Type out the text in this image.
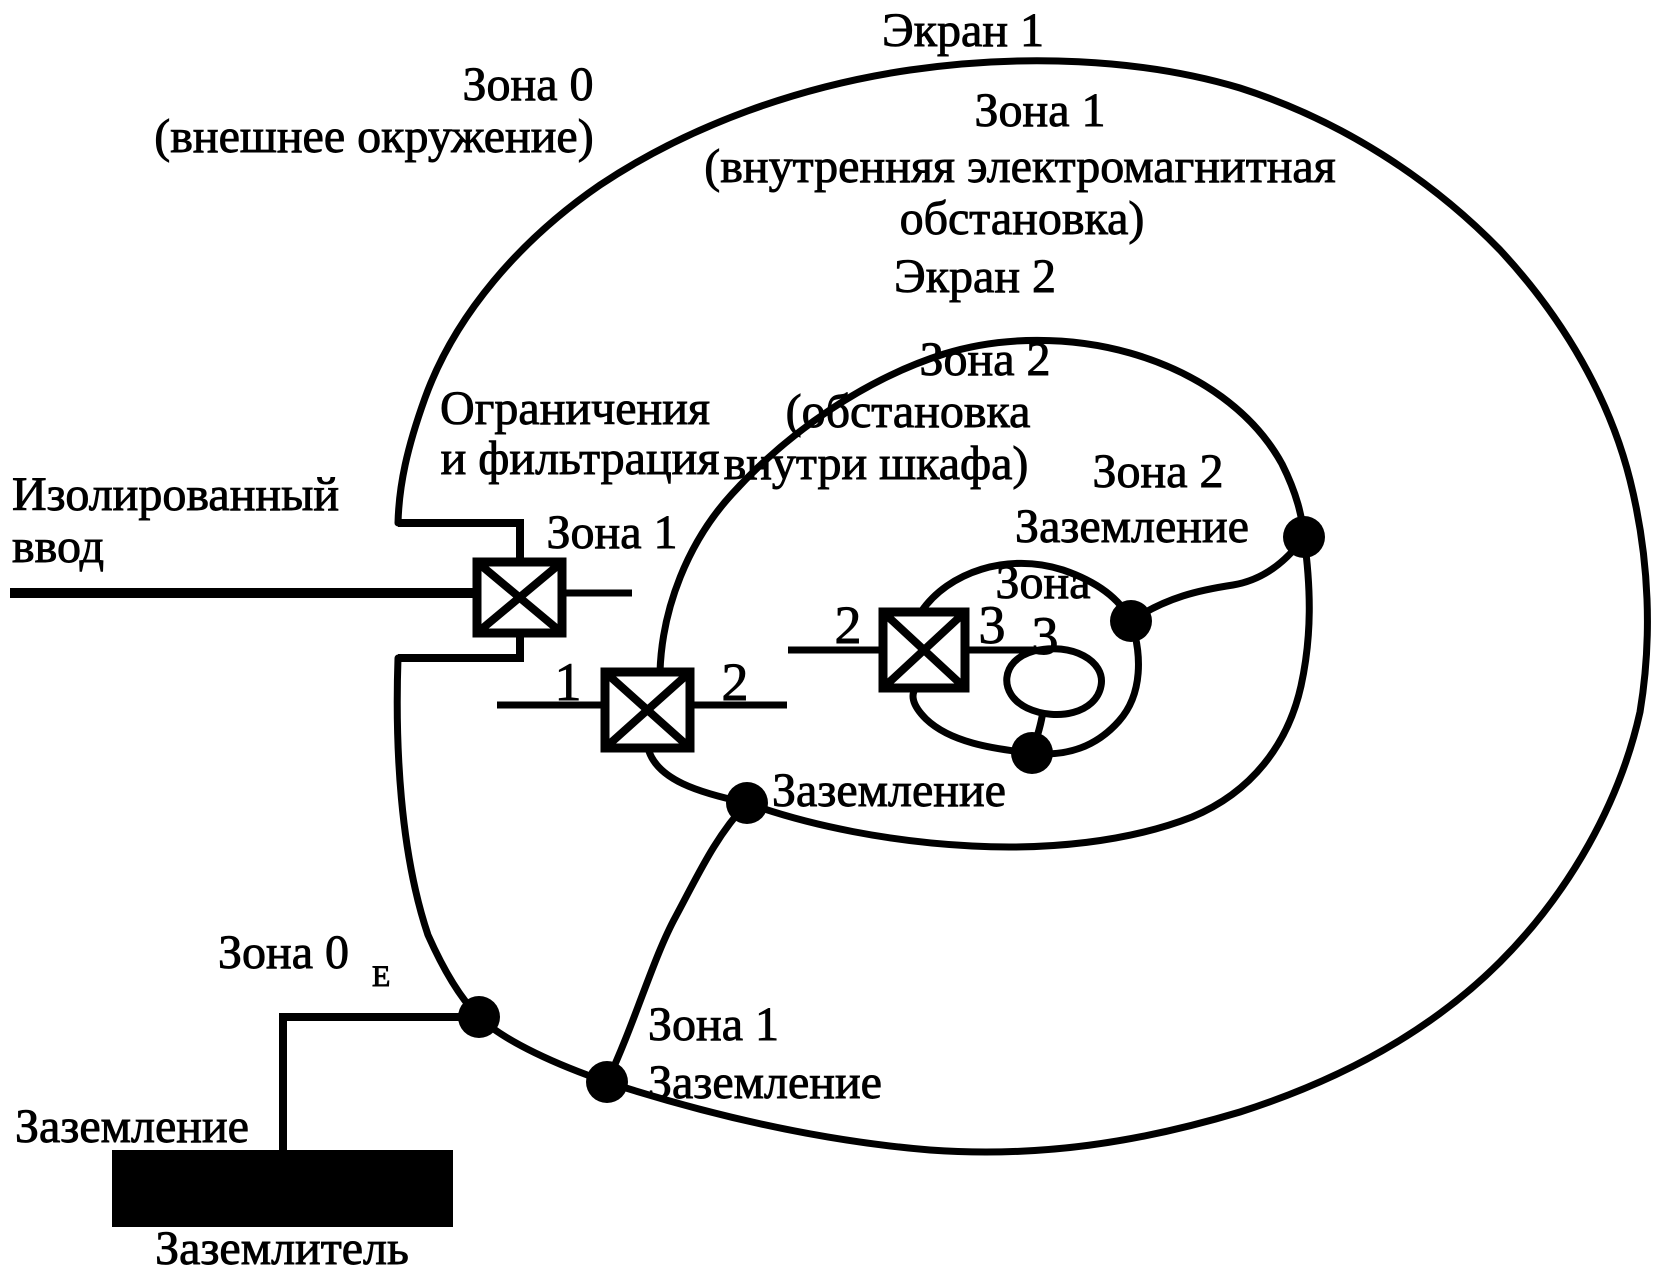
Экран 1
Зона 0
(внешнее окружение)	Зона 1
(внутренняя электромагнитная
обстановка)
Экран 2
Зона 2
(обстановка
внутри шкафа) Зона 2
Заземление
Ограничения
и фильтрация
Зона 1
Изолированный
ввод
1	2
2 3
Зона
3
Заземление
Зона 0 Е
Зона 1
Заземление
Заземление
Заземлитель
